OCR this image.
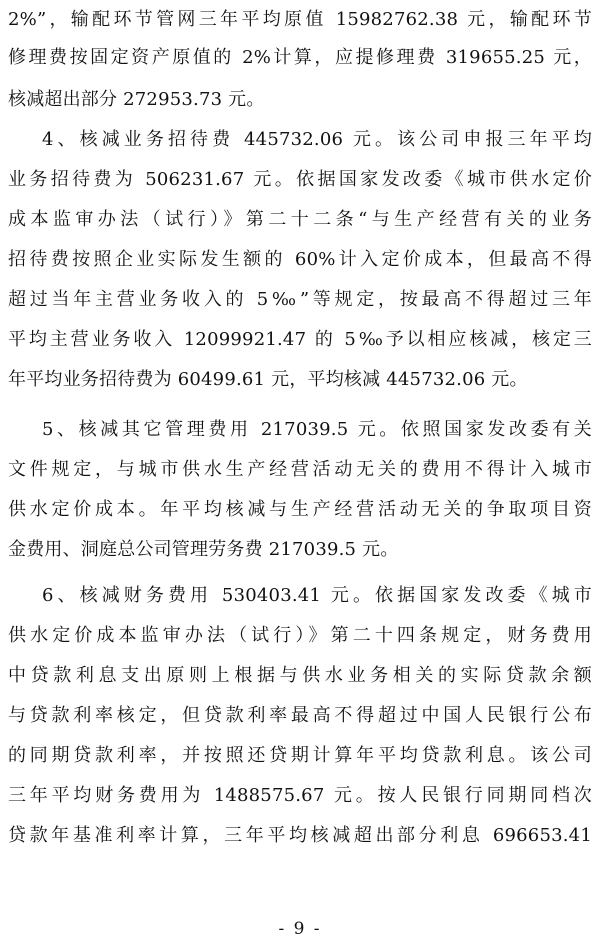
2%”，输配环节管网三年平均原值 15982762.38 元，输配环节
修理费按固定资产原值的 2%计算，应提修理费 319655.25 元，
核减超出部分 272953.73 元。
4、核减业务招待费 445732.06 元。该公司申报三年平均
业务招待费为 506231.67 元。依据国家发改委《城市供水定价
成本监审办法（试行）》第二十二条“与生产经营有关的业务
招待费按照企业实际发生额的 60%计入定价成本，但最高不得
超过当年主营业务收入的 5‰”等规定，按最高不得超过三年
平均主营业务收入 12099921.47 的 5‰予以相应核减，核定三
年平均业务招待费为 60499.61 元，平均核减 445732.06 元。
5、核减其它管理费用 217039.5 元。依照国家发改委有关
文件规定，与城市供水生产经营活动无关的费用不得计入城市
供水定价成本。年平均核减与生产经营活动无关的争取项目资
金费用、洞庭总公司管理劳务费 217039.5 元。
6、核减财务费用 530403.41 元。依据国家发改委《城市
供水定价成本监审办法（试行）》第二十四条规定，财务费用
中贷款利息支出原则上根据与供水业务相关的实际贷款余额
与贷款利率核定，但贷款利率最高不得超过中国人民银行公布
的同期贷款利率，并按照还贷期计算年平均贷款利息。该公司
三年平均财务费用为 1488575.67 元。按人民银行同期同档次
贷款年基准利率计算，三年平均核减超出部分利息 696653.41
- 9 -
